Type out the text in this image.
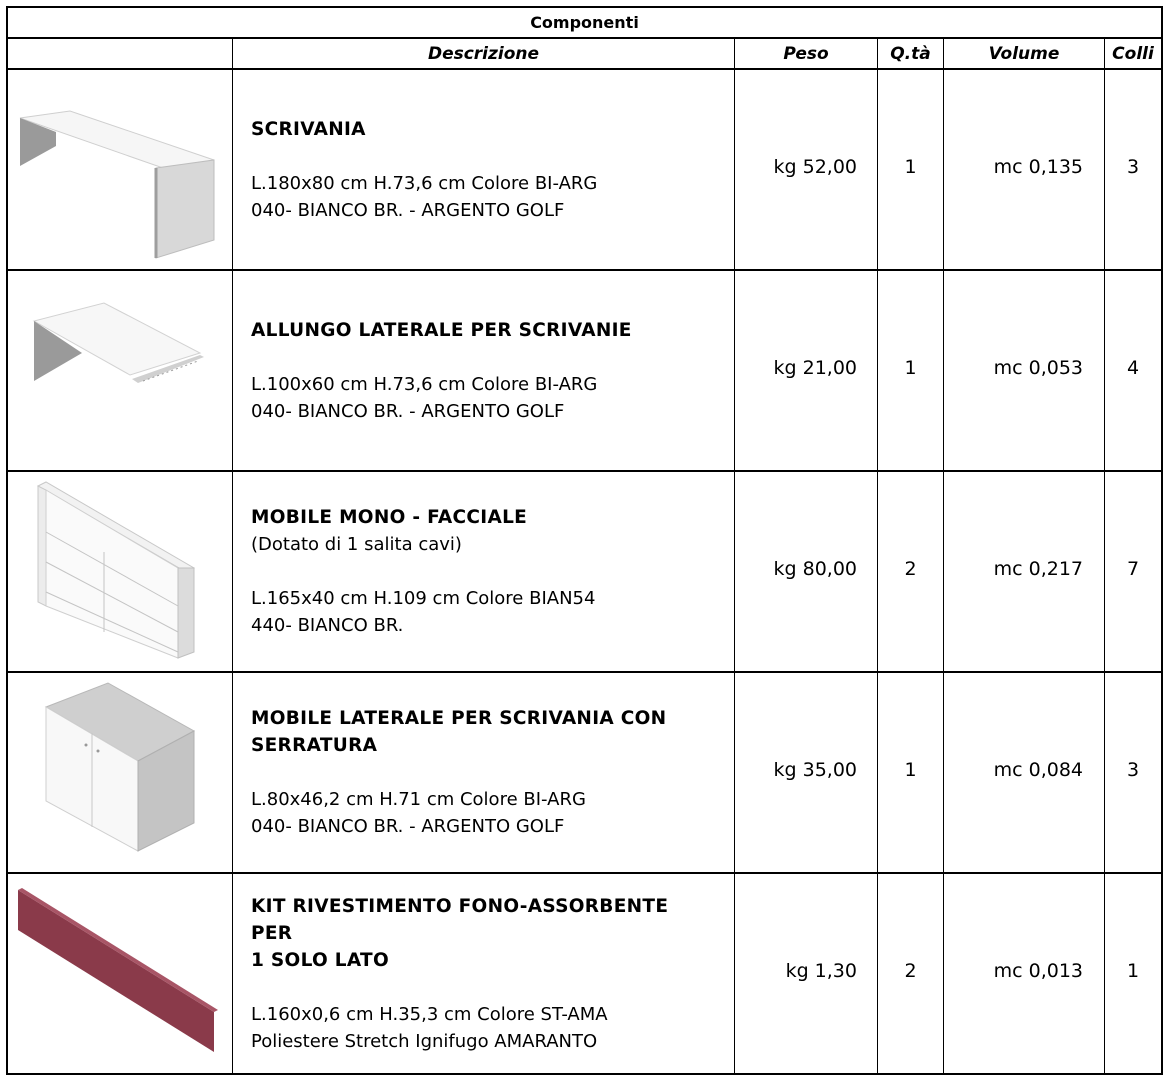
Componenti
Descrizione	Peso	Q.tà	Volume	Colli
SCRIVANIA
L.180x80 cm H.73,6 cm Colore BI-ARG
040- BIANCO BR. - ARGENTO GOLF
kg 52,00	1	mc 0,135	3
ALLUNGO LATERALE PER SCRIVANIE
L.100x60 cm H.73,6 cm Colore BI-ARG
040- BIANCO BR. - ARGENTO GOLF
kg 21,00	1	mc 0,053	4
MOBILE MONO - FACCIALE
(Dotato di 1 salita cavi)
L.165x40 cm H.109 cm Colore BIAN54
440- BIANCO BR.
kg 80,00	2	mc 0,217	7
MOBILE LATERALE PER SCRIVANIA CON
SERRATURA
L.80x46,2 cm H.71 cm Colore BI-ARG
040- BIANCO BR. - ARGENTO GOLF
kg 35,00	1	mc 0,084	3
KIT RIVESTIMENTO FONO-ASSORBENTE PER
1 SOLO LATO
L.160x0,6 cm H.35,3 cm Colore ST-AMA
Poliestere Stretch Ignifugo AMARANTO
kg 1,30	2	mc 0,013	1
